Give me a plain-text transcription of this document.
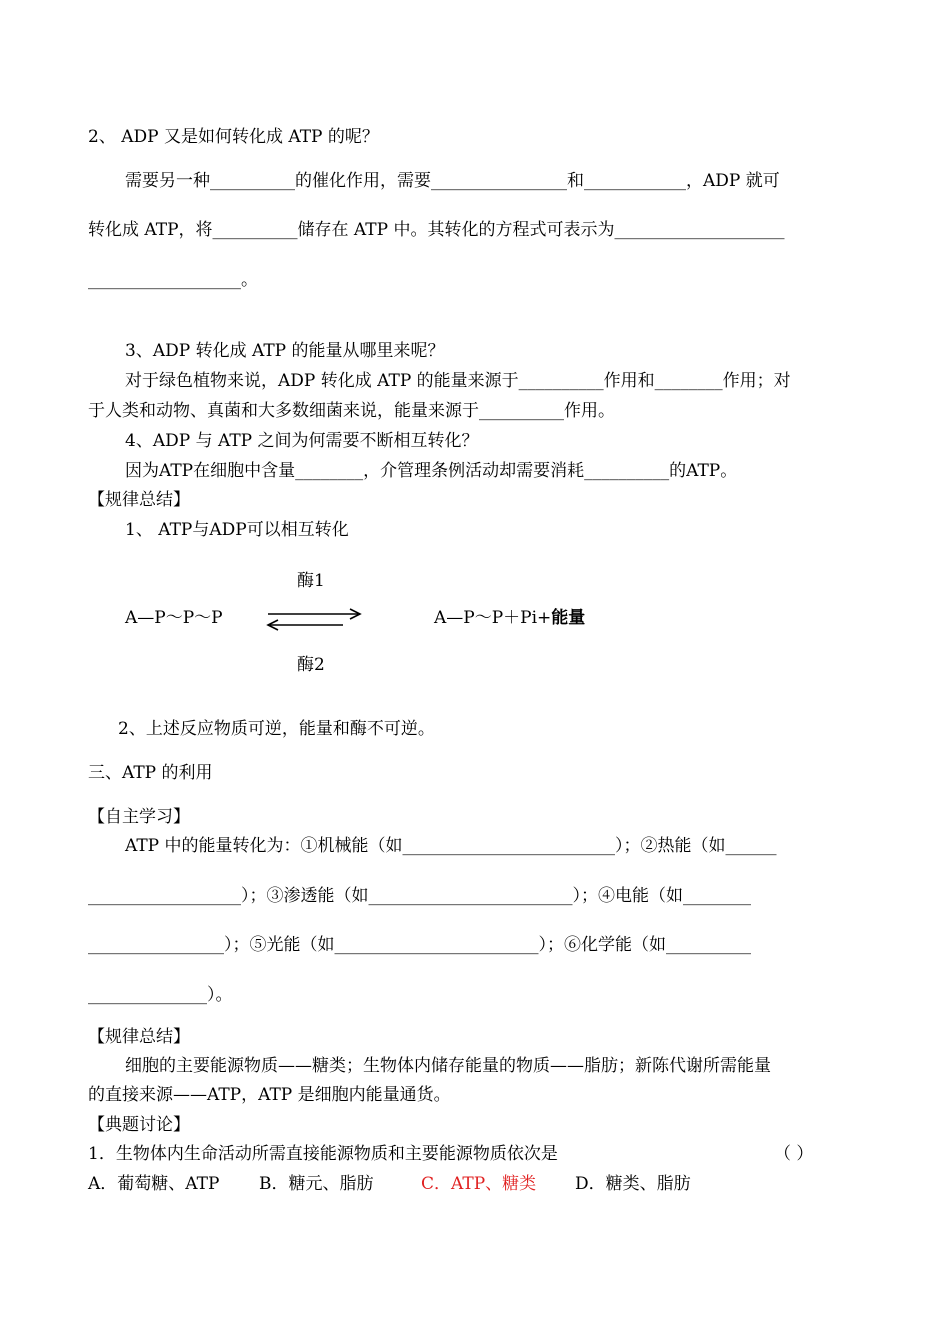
2、 ADP 又是如何转化成 ATP 的呢？
需要另一种__________的催化作用，需要________________和____________，ADP 就可
转化成 ATP，将__________储存在 ATP 中。其转化的方程式可表示为____________________
__________________。
3、ADP 转化成 ATP 的能量从哪里来呢？
对于绿色植物来说，ADP 转化成 ATP 的能量来源于__________作用和________作用；对
于人类和动物、真菌和大多数细菌来说，能量来源于__________作用。
4、ADP 与 ATP 之间为何需要不断相互转化？
因为ATP在细胞中含量________，介管理条例活动却需要消耗__________的ATP。
【规律总结】
1、 ATP与ADP可以相互转化
酶1
A—P～P～P	A—P～P＋Pi+能量
酶2
2、上述反应物质可逆，能量和酶不可逆。
三、ATP 的利用
【自主学习】
ATP 中的能量转化为：①机械能（如_________________________）；②热能（如______
__________________）；③渗透能（如________________________）；④电能（如________
________________）；⑤光能（如________________________）；⑥化学能（如__________
______________）。
【规律总结】
细胞的主要能源物质——糖类；生物体内储存能量的物质——脂肪；新陈代谢所需能量
的直接来源——ATP，ATP 是细胞内能量通货。
【典题讨论】
1．生物体内生命活动所需直接能源物质和主要能源物质依次是	（ ）
A．葡萄糖、ATP B．糖元、脂肪	C．ATP、糖类 D．糖类、脂肪
